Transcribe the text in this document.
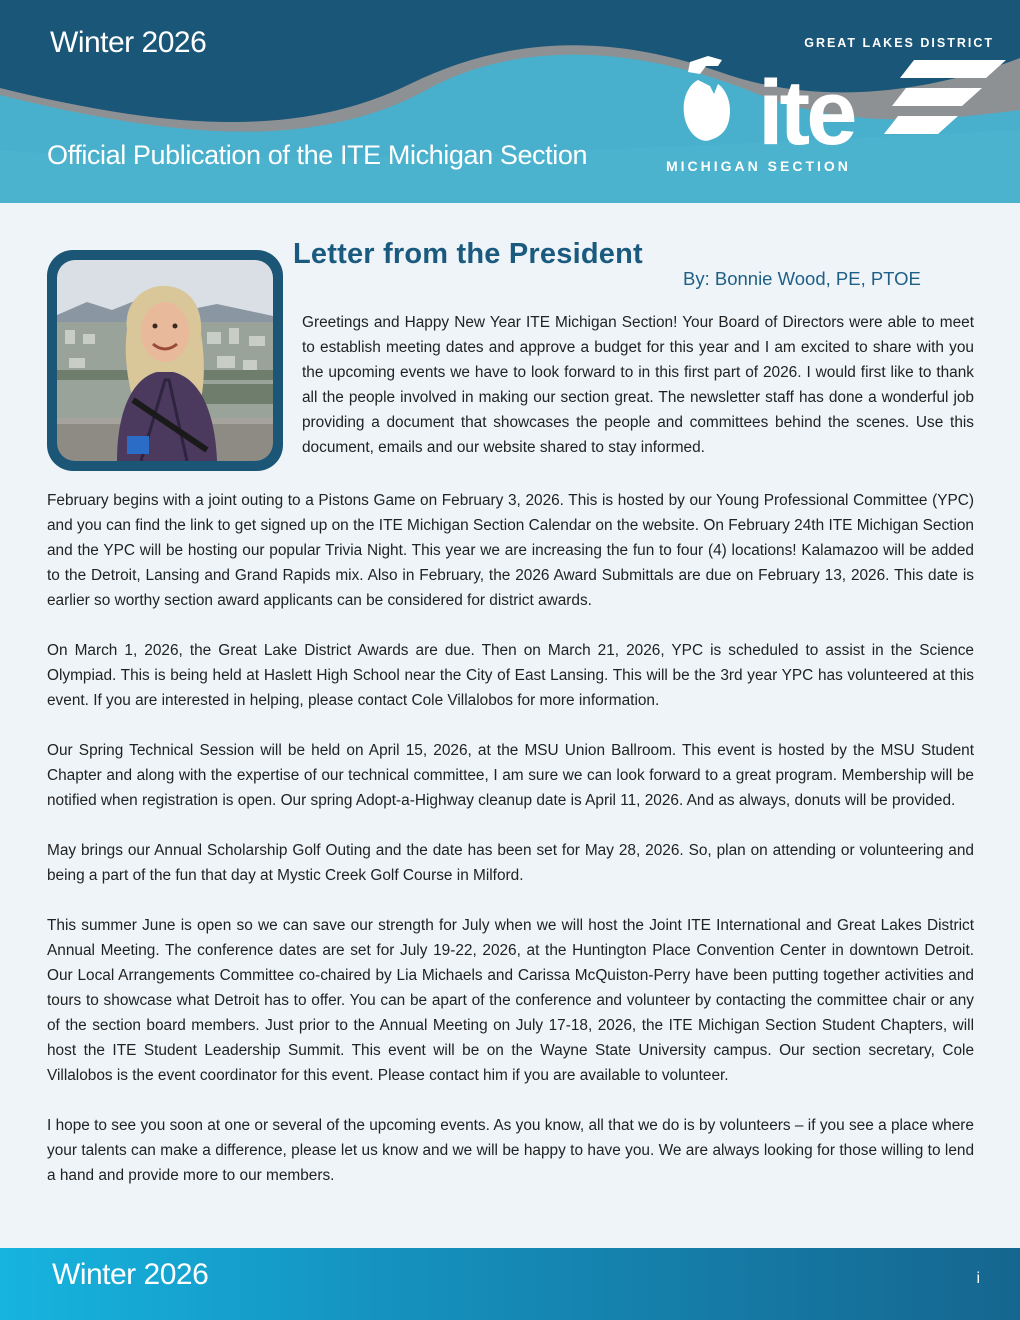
Winter 2026
Official Publication of the ITE Michigan Section
GREAT LAKES DISTRICT
ite
MICHIGAN SECTION
Letter from the President
By: Bonnie Wood, PE, PTOE
Greetings and Happy New Year ITE Michigan Section! Your Board of Directors were able to meet to establish meeting dates and approve a budget for this year and I am excited to share with you the upcoming events we have to look forward to in this first part of 2026. I would first like to thank all the people involved in making our section great. The newsletter staff has done a wonderful job providing a document that showcases the people and committees behind the scenes. Use this document, emails and our website shared to stay informed.

February begins with a joint outing to a Pistons Game on February 3, 2026. This is hosted by our Young Professional Committee (YPC) and you can find the link to get signed up on the ITE Michigan Section Calendar on the website. On February 24th ITE Michigan Section and the YPC will be hosting our popular Trivia Night. This year we are increasing the fun to four (4) locations! Kalamazoo will be added to the Detroit, Lansing and Grand Rapids mix. Also in February, the 2026 Award Submittals are due on February 13, 2026. This date is earlier so worthy section award applicants can be considered for district awards.

On March 1, 2026, the Great Lake District Awards are due. Then on March 21, 2026, YPC is scheduled to assist in the Science Olympiad. This is being held at Haslett High School near the City of East Lansing. This will be the 3rd year YPC has volunteered at this event. If you are interested in helping, please contact Cole Villalobos for more information.

Our Spring Technical Session will be held on April 15, 2026, at the MSU Union Ballroom. This event is hosted by the MSU Student Chapter and along with the expertise of our technical committee, I am sure we can look forward to a great program. Membership will be notified when registration is open. Our spring Adopt-a-Highway cleanup date is April 11, 2026. And as always, donuts will be provided.

May brings our Annual Scholarship Golf Outing and the date has been set for May 28, 2026. So, plan on attending or volunteering and being a part of the fun that day at Mystic Creek Golf Course in Milford.

This summer June is open so we can save our strength for July when we will host the Joint ITE International and Great Lakes District Annual Meeting. The conference dates are set for July 19-22, 2026, at the Huntington Place Convention Center in downtown Detroit. Our Local Arrangements Committee co-chaired by Lia Michaels and Carissa McQuiston-Perry have been putting together activities and tours to showcase what Detroit has to offer. You can be apart of the conference and volunteer by contacting the committee chair or any of the section board members. Just prior to the Annual Meeting on July 17-18, 2026, the ITE Michigan Section Student Chapters, will host the ITE Student Leadership Summit. This event will be on the Wayne State University campus. Our section secretary, Cole Villalobos is the event coordinator for this event. Please contact him if you are available to volunteer.

I hope to see you soon at one or several of the upcoming events. As you know, all that we do is by volunteers – if you see a place where your talents can make a difference, please let us know and we will be happy to have you. We are always looking for those willing to lend a hand and provide more to our members.

Winter 2026	i
